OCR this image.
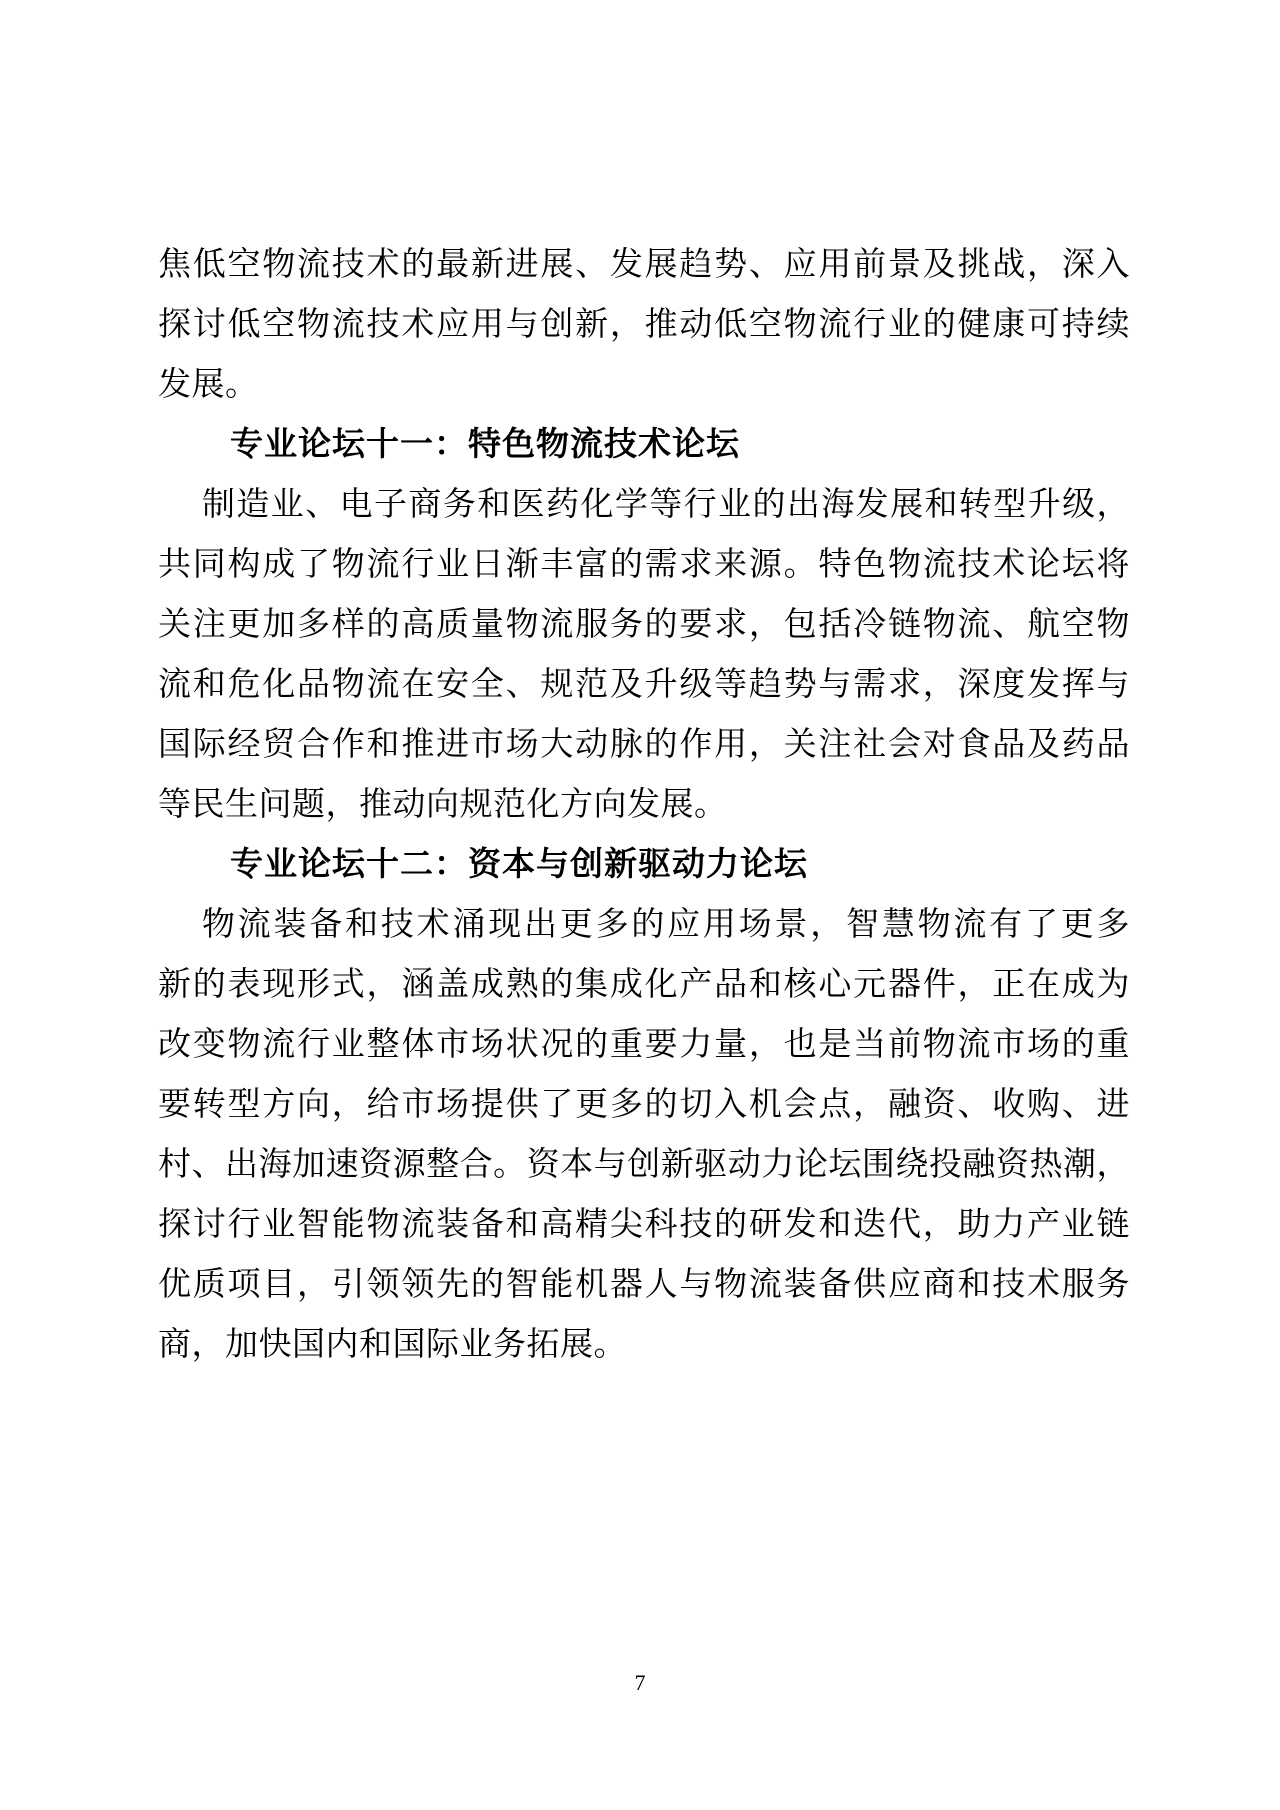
焦低空物流技术的最新进展、发展趋势、应用前景及挑战，深入
探讨低空物流技术应用与创新，推动低空物流行业的健康可持续
发展。
专业论坛十一：特色物流技术论坛
制造业、电子商务和医药化学等行业的出海发展和转型升级，
共同构成了物流行业日渐丰富的需求来源。特色物流技术论坛将
关注更加多样的高质量物流服务的要求，包括冷链物流、航空物
流和危化品物流在安全、规范及升级等趋势与需求，深度发挥与
国际经贸合作和推进市场大动脉的作用，关注社会对食品及药品
等民生问题，推动向规范化方向发展。
专业论坛十二：资本与创新驱动力论坛
物流装备和技术涌现出更多的应用场景，智慧物流有了更多
新的表现形式，涵盖成熟的集成化产品和核心元器件，正在成为
改变物流行业整体市场状况的重要力量，也是当前物流市场的重
要转型方向，给市场提供了更多的切入机会点，融资、收购、进
村、出海加速资源整合。资本与创新驱动力论坛围绕投融资热潮，
探讨行业智能物流装备和高精尖科技的研发和迭代，助力产业链
优质项目，引领领先的智能机器人与物流装备供应商和技术服务
商，加快国内和国际业务拓展。
7
